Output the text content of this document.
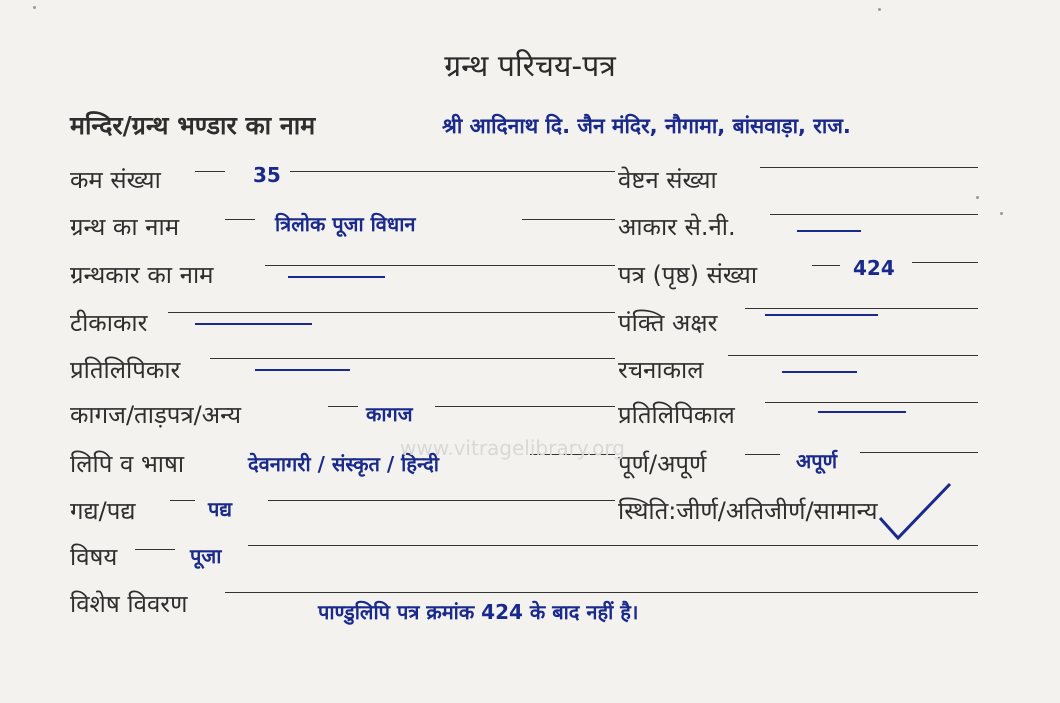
ग्रन्थ परिचय-पत्र
मन्दिर/ग्रन्थ भण्डार का नाम	श्री आदिनाथ दि. जैन मंदिर, नौगामा, बांसवाड़ा, राज.
कम संख्या	35
ग्रन्थ का नाम	त्रिलोक पूजा विधान
ग्रन्थकार का नाम
टीकाकार
प्रतिलिपिकार
कागज/ताड़पत्र/अन्य	कागज
लिपि व भाषा	देवनागरी / संस्कृत / हिन्दी
गद्य/पद्य	पद्य
वेष्टन संख्या
आकार से.नी.
पत्र (पृष्ठ) संख्या	424
पंक्ति अक्षर
रचनाकाल
प्रतिलिपिकाल
पूर्ण/अपूर्ण	अपूर्ण
स्थिति:जीर्ण/अतिजीर्ण/सामान्य
विषय	पूजा
विशेष विवरण	पाण्डुलिपि पत्र क्रमांक 424 के बाद नहीं है।
www.vitragelibrary.org
